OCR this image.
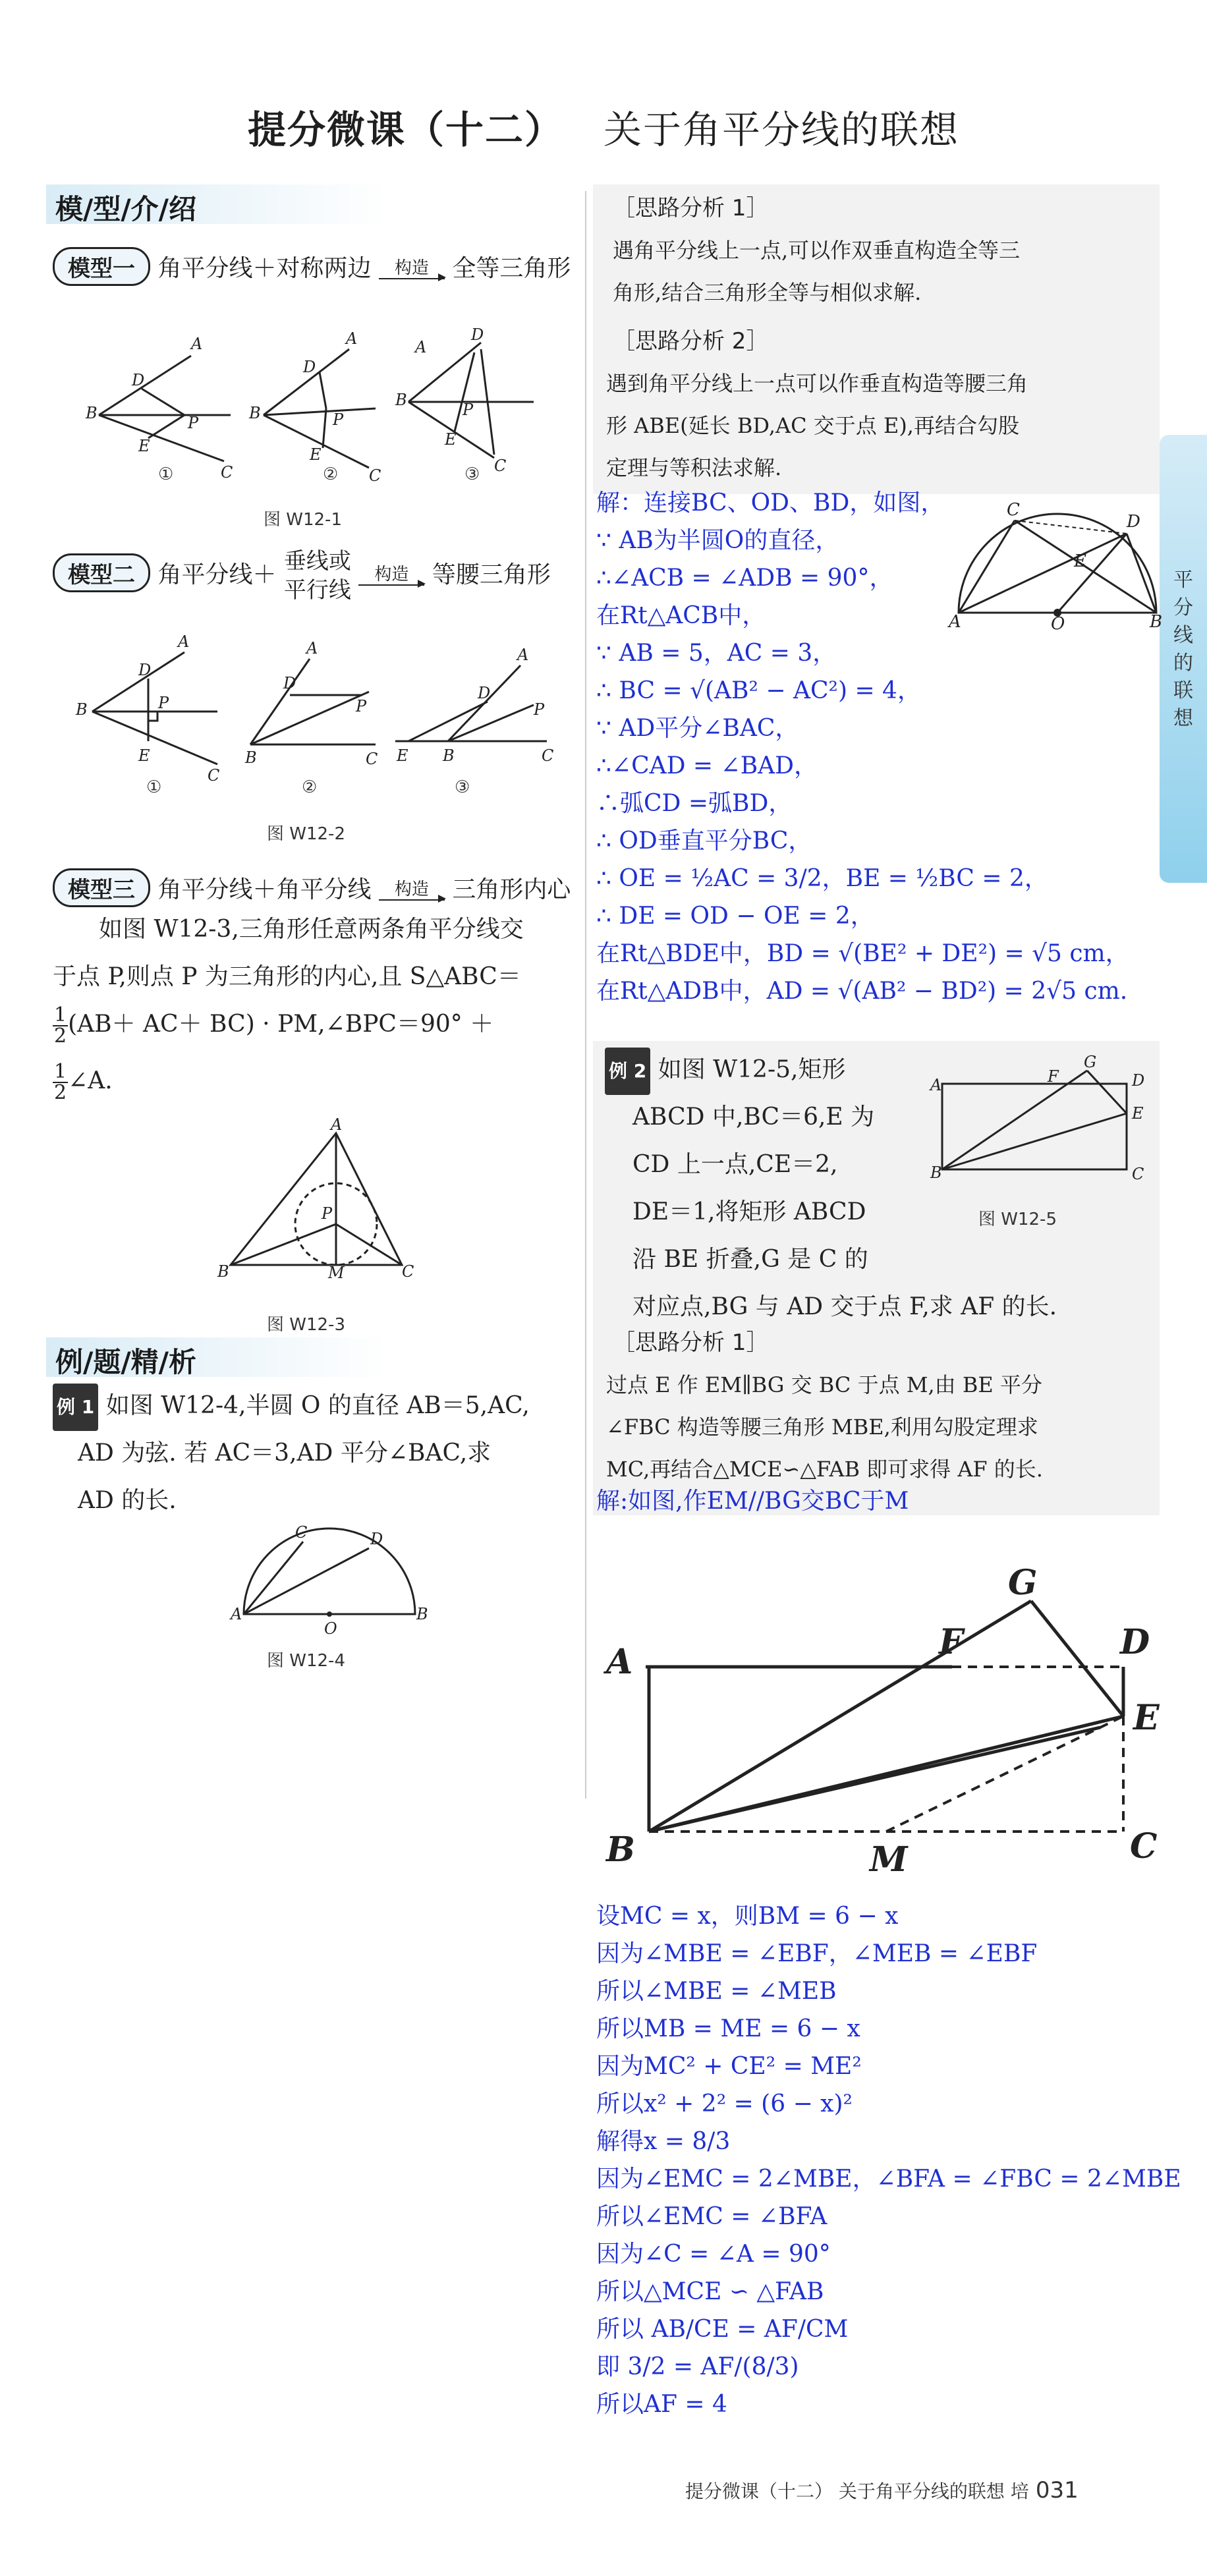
提分微课（十二） 关于角平分线的联想
平分线的联想
模/型/介/绍
模型一 角平分线＋对称两边 构造 全等三角形
A
D
B
P
E
C
A
D
B	P
E
C
D
A
B
P
E
C
①	②	③
图 W12-1
模型二 角平分线＋ 垂线或
平行线
构造 等腰三角形
A
D
B	P
E
C
A
D
B
P
C
A
D
P
E B	C
①	②	③
图 W12-2
模型三 角平分线＋角平分线 构造 三角形内心
如图 W12-3,三角形任意两条角平分线交
于点 P,则点 P 为三角形的内心,且 S△ABC＝
$\frac{1}{2} (AB+ AC+ BC)$ · PM,∠BPC＝90° ＋
$\frac{1}{2}$ ∠A.
A
B	C
P
M
图 W12-3
例/题/精/析
例 1 如图 W12-4,半圆 O 的直径 AB＝5,AC,
AD 为弦. 若 AC＝3,AD 平分∠BAC,求
AD 的长.
A	B
C	D
O
图 W12-4
［思路分析 1］
遇角平分线上一点,可以作双垂直构造全等三
角形,结合三角形全等与相似求解.
［思路分析 2］
遇到角平分线上一点可以作垂直构造等腰三角
形 ABE(延长 BD,AC 交于点 E),再结合勾股
定理与等积法求解.
解：连接BC、OD、BD，如图，
∵ AB为半圆O的直径，
∴∠ACB = ∠ADB = 90°，
在Rt△ACB中，
∵ AB = 5，AC = 3，
∴ BC = √(AB² − AC²) = 4，
∵ AD平分∠BAC，
∴∠CAD = ∠BAD，
∴弧CD =弧BD，
∴ OD垂直平分BC，
∴ OE = ½AC = 3/2，BE = ½BC = 2，
∴ DE = OD − OE = 2，
在Rt△BDE中，BD = √(BE² + DE²) = √5 cm，
在Rt△ADB中，AD = √(AB² − BD²) = 2√5 cm.
A	B
C
D
E
O
例 2 如图 W12-5,矩形
ABCD 中,BC＝6,E 为
CD 上一点,CE＝2,
DE＝1,将矩形 ABCD
沿 BE 折叠,G 是 C 的
对应点,BG 与 AD 交于点 F,求 AF 的长.
A	D
B	C
E
G
F
图 W12-5
［思路分析 1］
过点 E 作 EM∥BG 交 BC 于点 M,由 BE 平分
∠FBC 构造等腰三角形 MBE,利用勾股定理求
MC,再结合△MCE∽△FAB 即可求得 AF 的长.
解:如图,作EM//BG交BC于M
A
G
F	D
E
B	M	C
设MC = x，则BM = 6 − x
因为∠MBE = ∠EBF，∠MEB = ∠EBF
所以∠MBE = ∠MEB
所以MB = ME = 6 − x
因为MC² + CE² = ME²
所以x² + 2² = (6 − x)²
解得x = 8/3
因为∠EMC = 2∠MBE，∠BFA = ∠FBC = 2∠MBE
所以∠EMC = ∠BFA
因为∠C = ∠A = 90°
所以△MCE ∽ △FAB
所以 AB/CE = AF/CM
即 3/2 = AF/(8/3)
所以AF = 4
提分微课（十二） 关于角平分线的联想 培 031
